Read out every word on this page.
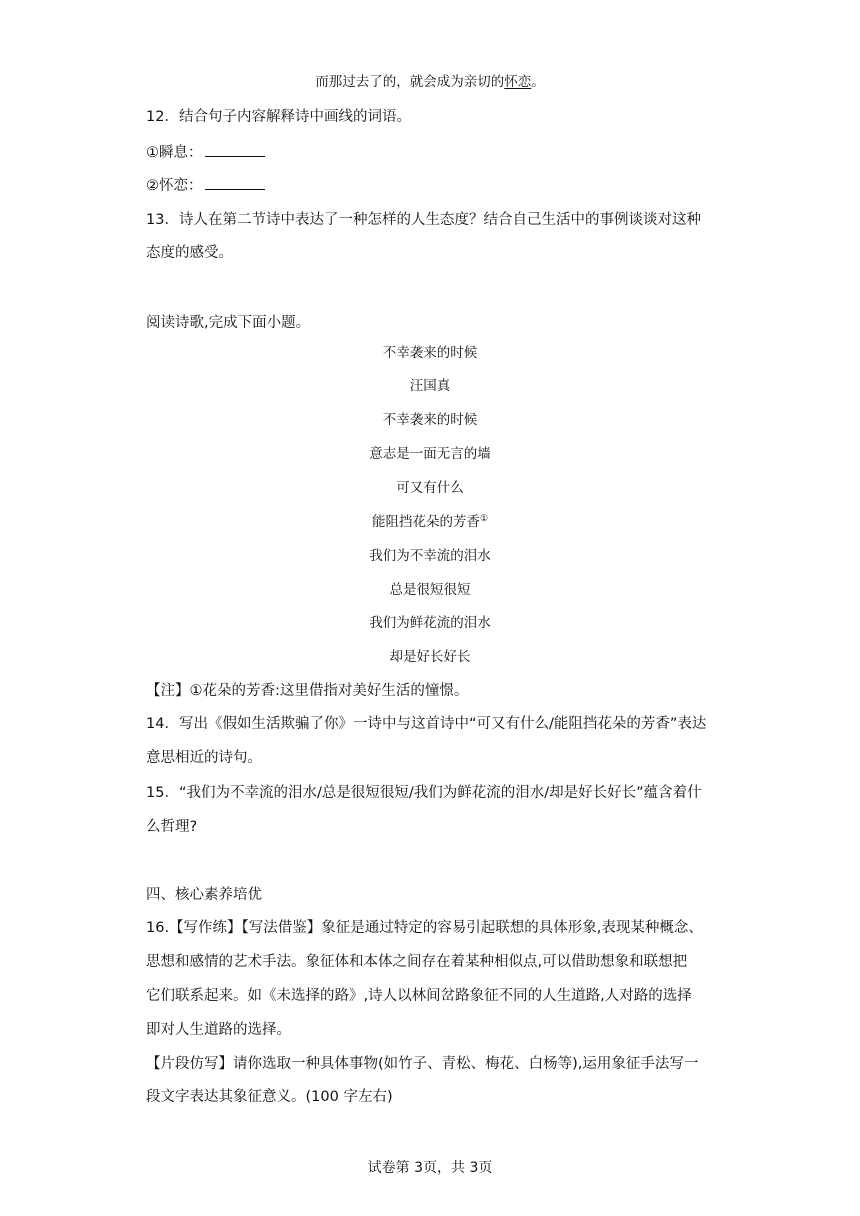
而那过去了的，就会成为亲切的怀恋。
12．结合句子内容解释诗中画线的词语。
①瞬息：
②怀恋：
13．诗人在第二节诗中表达了一种怎样的人生态度？结合自己生活中的事例谈谈对这种
态度的感受。
阅读诗歌,完成下面小题。
不幸袭来的时候
汪国真
不幸袭来的时候
意志是一面无言的墙
可又有什么
能阻挡花朵的芳香①
我们为不幸流的泪水
总是很短很短
我们为鲜花流的泪水
却是好长好长
【注】①花朵的芳香:这里借指对美好生活的憧憬。
14．写出《假如生活欺骗了你》一诗中与这首诗中“可又有什么/能阻挡花朵的芳香”表达
意思相近的诗句。
15．“我们为不幸流的泪水/总是很短很短/我们为鲜花流的泪水/却是好长好长”蕴含着什
么哲理?
四、核心素养培优
16.【写作练】【写法借鉴】象征是通过特定的容易引起联想的具体形象,表现某种概念、
思想和感情的艺术手法。象征体和本体之间存在着某种相似点,可以借助想象和联想把
它们联系起来。如《未选择的路》,诗人以林间岔路象征不同的人生道路,人对路的选择
即对人生道路的选择。
【片段仿写】请你选取一种具体事物(如竹子、青松、梅花、白杨等),运用象征手法写一
段文字表达其象征意义。(100 字左右)
试卷第 3页，共 3页
